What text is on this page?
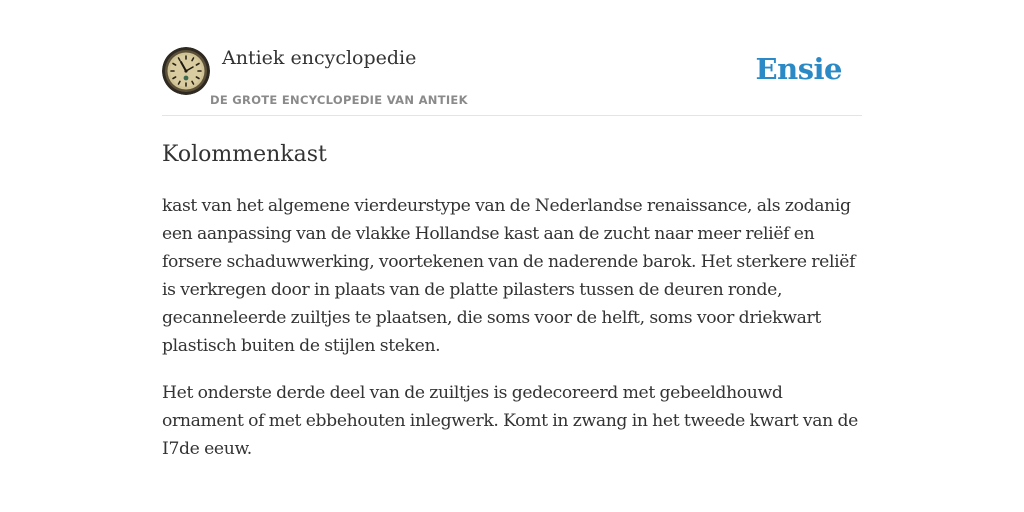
Antiek encyclopedie
DE GROTE ENCYCLOPEDIE VAN ANTIEK
Ensie
Kolommenkast

kast van het algemene vierdeurstype van de Nederlandse renaissance, als zodanig een aanpassing van de vlakke Hollandse kast aan de zucht naar meer reliëf en forsere schaduwwerking, voortekenen van de naderende barok. Het sterkere reliëf is verkregen door in plaats van de platte pilasters tussen de deuren ronde, gecanneleerde zuiltjes te plaatsen, die soms voor de helft, soms voor driekwart plastisch buiten de stijlen steken.

Het onderste derde deel van de zuiltjes is gedecoreerd met gebeeldhouwd ornament of met ebbehouten inlegwerk. Komt in zwang in het tweede kwart van de I7de eeuw.
